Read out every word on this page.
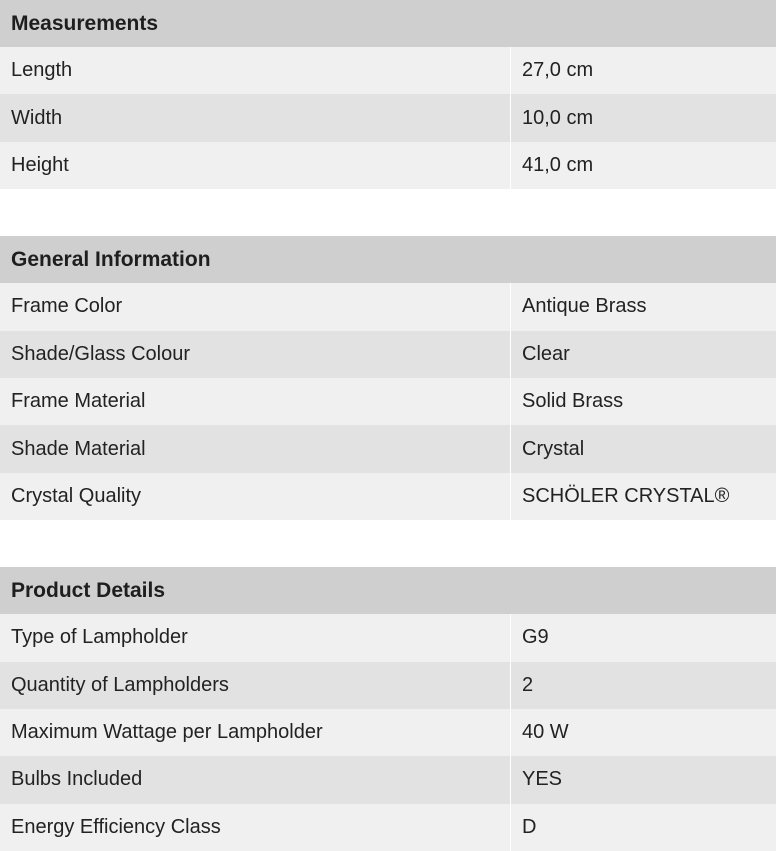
Measurements
Length	27,0 cm
Width	10,0 cm
Height	41,0 cm
General Information
Frame Color	Antique Brass
Shade/Glass Colour	Clear
Frame Material	Solid Brass
Shade Material	Crystal
Crystal Quality	SCHÖLER CRYSTAL®
Product Details
Type of Lampholder	G9
Quantity of Lampholders	2
Maximum Wattage per Lampholder	40 W
Bulbs Included	YES
Energy Efficiency Class	D
